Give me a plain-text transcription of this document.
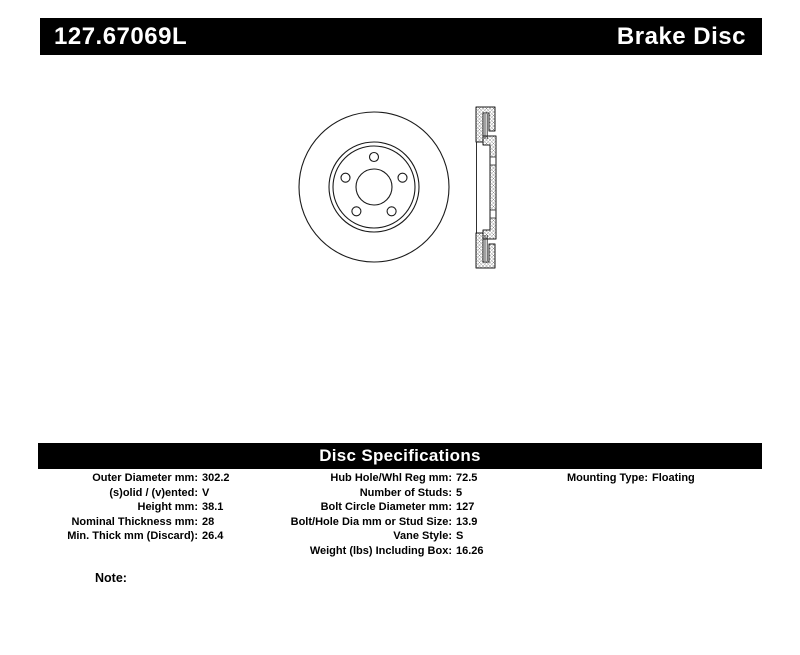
127.67069L	Brake Disc
Disc Specifications
Outer Diameter mm: 302.2
(s)olid / (v)ented: V
Height mm: 38.1
Nominal Thickness mm: 28
Min. Thick mm (Discard): 26.4
Hub Hole/Whl Reg mm: 72.5
Number of Studs: 5
Bolt Circle Diameter mm: 127
Bolt/Hole Dia mm or Stud Size: 13.9
Vane Style: S
Weight (lbs) Including Box: 16.26
Mounting Type: Floating
Note:
